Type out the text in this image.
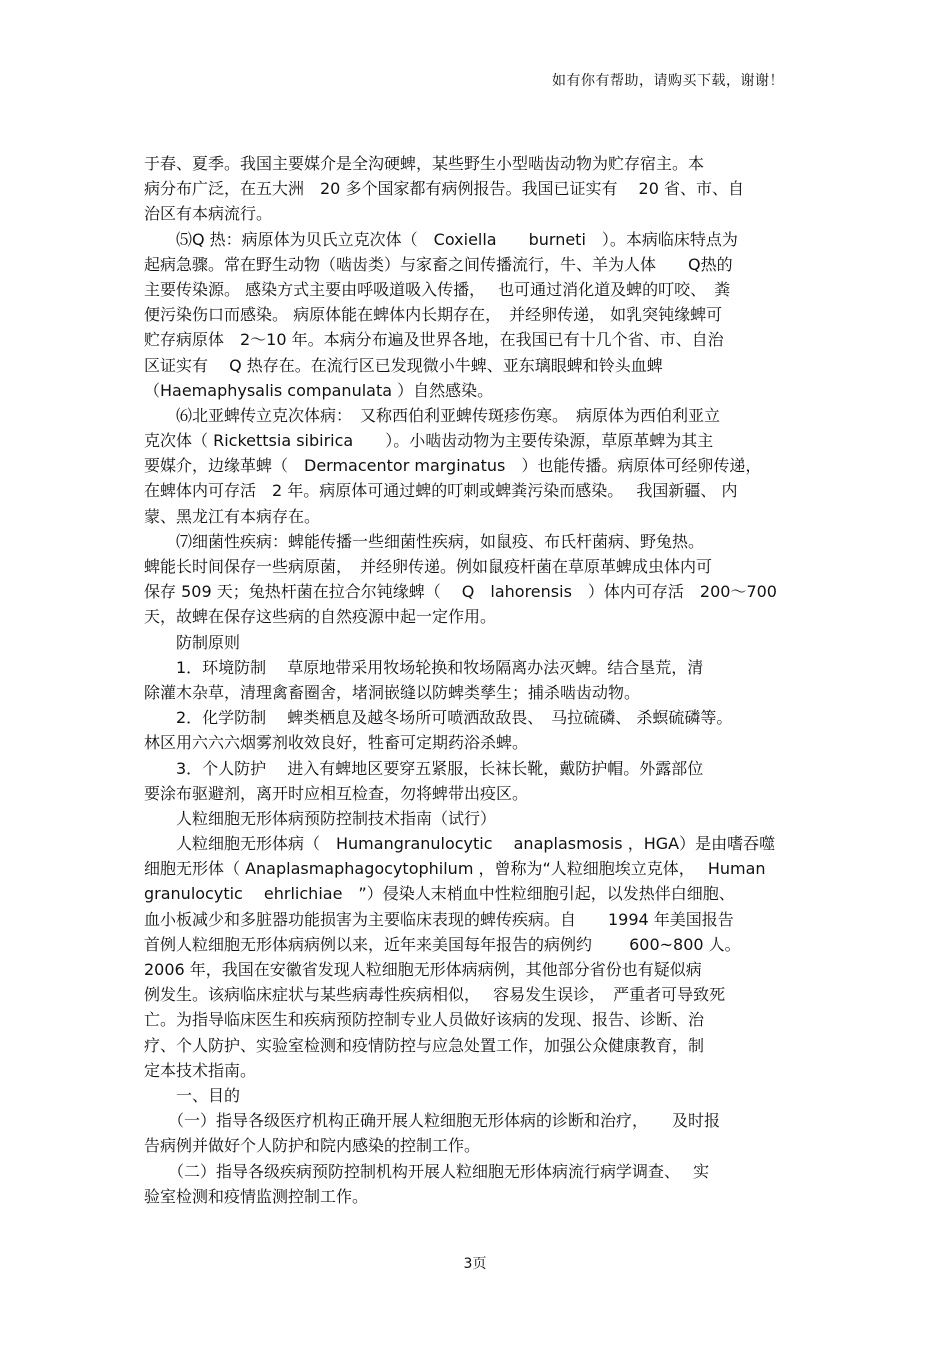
如有你有帮助，请购买下载，谢谢！
于春、夏季。我国主要媒介是全沟硬蜱，某些野生小型啮齿动物为贮存宿主。本
病分布广泛，在五大洲　20 多个国家都有病例报告。我国已证实有　 20 省、市、自
治区有本病流行。
　　⑸Q 热：病原体为贝氏立克次体（　Coxiella　　burneti　）。本病临床特点为
起病急骤。常在野生动物（啮齿类）与家畜之间传播流行，牛、羊为人体　　Q热的
主要传染源。 感染方式主要由呼吸道吸入传播，　 也可通过消化道及蜱的叮咬、　粪
便污染伤口而感染。 病原体能在蜱体内长期存在，　并经卵传递， 如乳突钝缘蜱可
贮存病原体　2～10 年。本病分布遍及世界各地，在我国已有十几个省、市、自治
区证实有　 Q 热存在。在流行区已发现微小牛蜱、亚东璃眼蜱和铃头血蜱
（Haemaphysalis companulata ）自然感染。
　　⑹北亚蜱传立克次体病：　又称西伯利亚蜱传斑疹伤寒。　病原体为西伯利亚立
克次体（ Rickettsia sibirica　　）。小啮齿动物为主要传染源，草原革蜱为其主
要媒介，边缘革蜱（　Dermacentor marginatus　）也能传播。病原体可经卵传递，
在蜱体内可存活　2 年。病原体可通过蜱的叮刺或蜱粪污染而感染。　 我国新疆、 内
蒙、黑龙江有本病存在。
　　⑺细菌性疾病：蜱能传播一些细菌性疾病，如鼠疫、布氏杆菌病、野兔热。
蜱能长时间保存一些病原菌，　并经卵传递。例如鼠疫杆菌在草原革蜱成虫体内可
保存 509 天；兔热杆菌在拉合尔钝缘蜱（　 Q　lahorensis　）体内可存活　200～700
天，故蜱在保存这些病的自然疫源中起一定作用。
　　防制原则
　　1．环境防制　 草原地带采用牧场轮换和牧场隔离办法灭蜱。结合垦荒，清
除灌木杂草，清理禽畜圈舍，堵洞嵌缝以防蜱类孳生；捕杀啮齿动物。
　　2．化学防制　 蜱类栖息及越冬场所可喷洒敌敌畏、　马拉硫磷、 杀螟硫磷等。
林区用六六六烟雾剂收效良好，牲畜可定期药浴杀蜱。
　　3．个人防护　 进入有蜱地区要穿五紧服，长袜长靴，戴防护帽。外露部位
要涂布驱避剂，离开时应相互检查，勿将蜱带出疫区。
　　人粒细胞无形体病预防控制技术指南（试行）
　　人粒细胞无形体病（　Humangranulocytic　 anaplasmosis ，HGA）是由嗜吞噬
细胞无形体（ Anaplasmaphagocytophilum ，曾称为“人粒细胞埃立克体，　 Human
granulocytic　 ehrlichiae　”）侵染人末梢血中性粒细胞引起，以发热伴白细胞、
血小板减少和多脏器功能损害为主要临床表现的蜱传疾病。自　　1994 年美国报告
首例人粒细胞无形体病病例以来，近年来美国每年报告的病例约　　 600~800 人。
2006 年，我国在安徽省发现人粒细胞无形体病病例，其他部分省份也有疑似病
例发生。该病临床症状与某些病毒性疾病相似，　 容易发生误诊，　严重者可导致死
亡。为指导临床医生和疾病预防控制专业人员做好该病的发现、报告、诊断、治
疗、个人防护、实验室检测和疫情防控与应急处置工作，加强公众健康教育，制
定本技术指南。
　　一、目的
　　（一）指导各级医疗机构正确开展人粒细胞无形体病的诊断和治疗，　　及时报
告病例并做好个人防护和院内感染的控制工作。
　　（二）指导各级疾病预防控制机构开展人粒细胞无形体病流行病学调查、　 实
验室检测和疫情监测控制工作。
3页
